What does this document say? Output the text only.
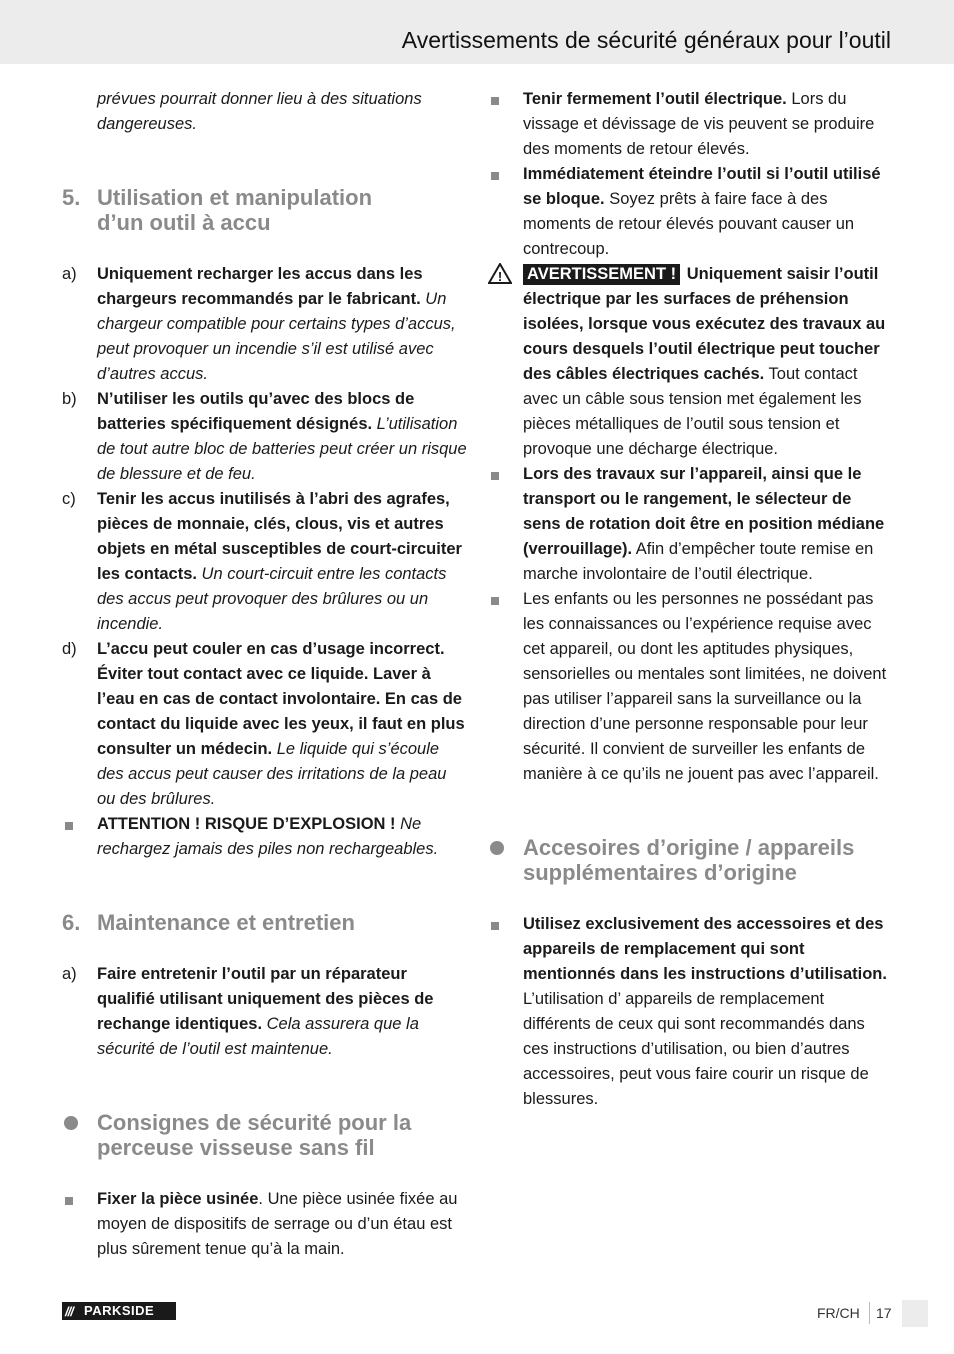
Avertissements de sécurité généraux pour l’outil
prévues pourrait donner lieu à des situations dangereuses.
5. Utilisation et manipulation
d’un outil à accu
a)	Uniquement recharger les accus dans les chargeurs recommandés par le fabricant. Un chargeur compatible pour certains types d’accus, peut provoquer un incendie s’il est utilisé avec d’autres accus.
b)	N’utiliser les outils qu’avec des blocs de batteries spécifiquement désignés. L’utilisation de tout autre bloc de batteries peut créer un risque de blessure et de feu.
c)	Tenir les accus inutilisés à l’abri des agrafes, pièces de monnaie, clés, clous, vis et autres objets en métal susceptibles de court-circuiter les contacts. Un court-circuit entre les contacts des accus peut provoquer des brûlures ou un incendie.
d)	L’accu peut couler en cas d’usage incorrect. Éviter tout contact avec ce liquide. Laver à l’eau en cas de contact involontaire. En cas de contact du liquide avec les yeux, il faut en plus consulter un médecin. Le liquide qui s’écoule des accus peut causer des irritations de la peau ou des brûlures.
ATTENTION ! RISQUE D’EXPLOSION ! Ne rechargez jamais des piles non rechargeables.
6. Maintenance et entretien
a)	Faire entretenir l’outil par un réparateur qualifié utilisant uniquement des pièces de rechange identiques. Cela assurera que la sécurité de l’outil est maintenue.
Consignes de sécurité pour la
perceuse visseuse sans fil
Fixer la pièce usinée. Une pièce usinée fixée au moyen de dispositifs de serrage ou d’un étau est plus sûrement tenue qu’à la main.
Tenir fermement l’outil électrique. Lors du vissage et dévissage de vis peuvent se produire des moments de retour élevés.
Immédiatement éteindre l’outil si l’outil utilisé se bloque. Soyez prêts à faire face à des moments de retour élevés pouvant causer un contrecoup.
! AVERTISSEMENT ! Uniquement saisir l’outil électrique par les surfaces de préhension isolées, lorsque vous exécutez des travaux au cours desquels l’outil électrique peut toucher des câbles électriques cachés. Tout contact avec un câble sous tension met également les pièces métalliques de l’outil sous tension et provoque une décharge électrique.
Lors des travaux sur l’appareil, ainsi que le transport ou le rangement, le sélecteur de sens de rotation doit être en position médiane (verrouillage). Afin d’empêcher toute remise en marche involontaire de l’outil électrique.
Les enfants ou les personnes ne possédant pas les connaissances ou l’expérience requise avec cet appareil, ou dont les aptitudes physiques, sensorielles ou mentales sont limitées, ne doivent pas utiliser l’appareil sans la surveillance ou la direction d’une personne responsable pour leur sécurité. Il convient de surveiller les enfants de manière à ce qu’ils ne jouent pas avec l’appareil.
Accesoires d’origine / appareils
supplémentaires d’origine
Utilisez exclusivement des accessoires et des appareils de remplacement qui sont mentionnés dans les instructions d’utilisation. L’utilisation d’ appareils de remplacement différents de ceux qui sont recommandés dans ces instructions d’utilisation, ou bien d’autres accessoires, peut vous faire courir un risque de blessures.
/// PARKSIDE	FR/CH 17
